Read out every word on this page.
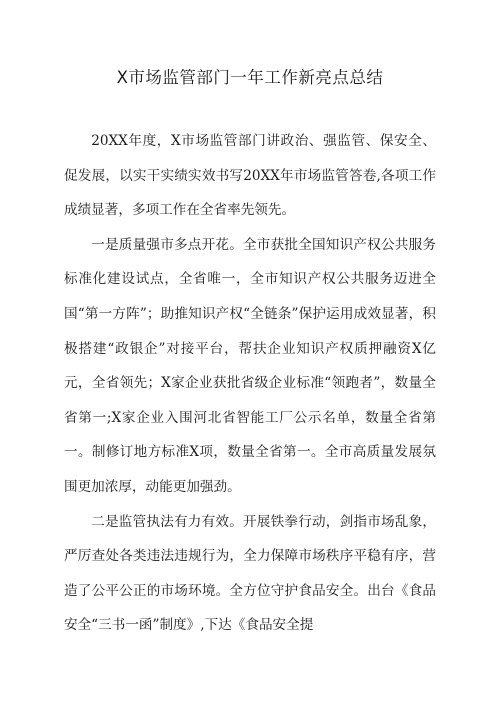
X市场监管部门一年工作新亮点总结

20XX年度，X市场监管部门讲政治、强监管、保安全、促发展，以实干实绩实效书写20XX年市场监管答卷,各项工作成绩显著，多项工作在全省率先领先。

一是质量强市多点开花。全市获批全国知识产权公共服务标准化建设试点，全省唯一，全市知识产权公共服务迈进全国“第一方阵”；助推知识产权“全链条”保护运用成效显著，积极搭建“政银企”对接平台，帮扶企业知识产权质押融资X亿元，全省领先；X家企业获批省级企业标准“领跑者”，数量全省第一;X家企业入围河北省智能工厂公示名单，数量全省第一。制修订地方标准X项，数量全省第一。全市高质量发展氛围更加浓厚，动能更加强劲。

二是监管执法有力有效。开展铁拳行动，剑指市场乱象，严厉查处各类违法违规行为，全力保障市场秩序平稳有序，营造了公平公正的市场环境。全方位守护食品安全。出台《食品安全“三书一函”制度》,下达《食品安全提
